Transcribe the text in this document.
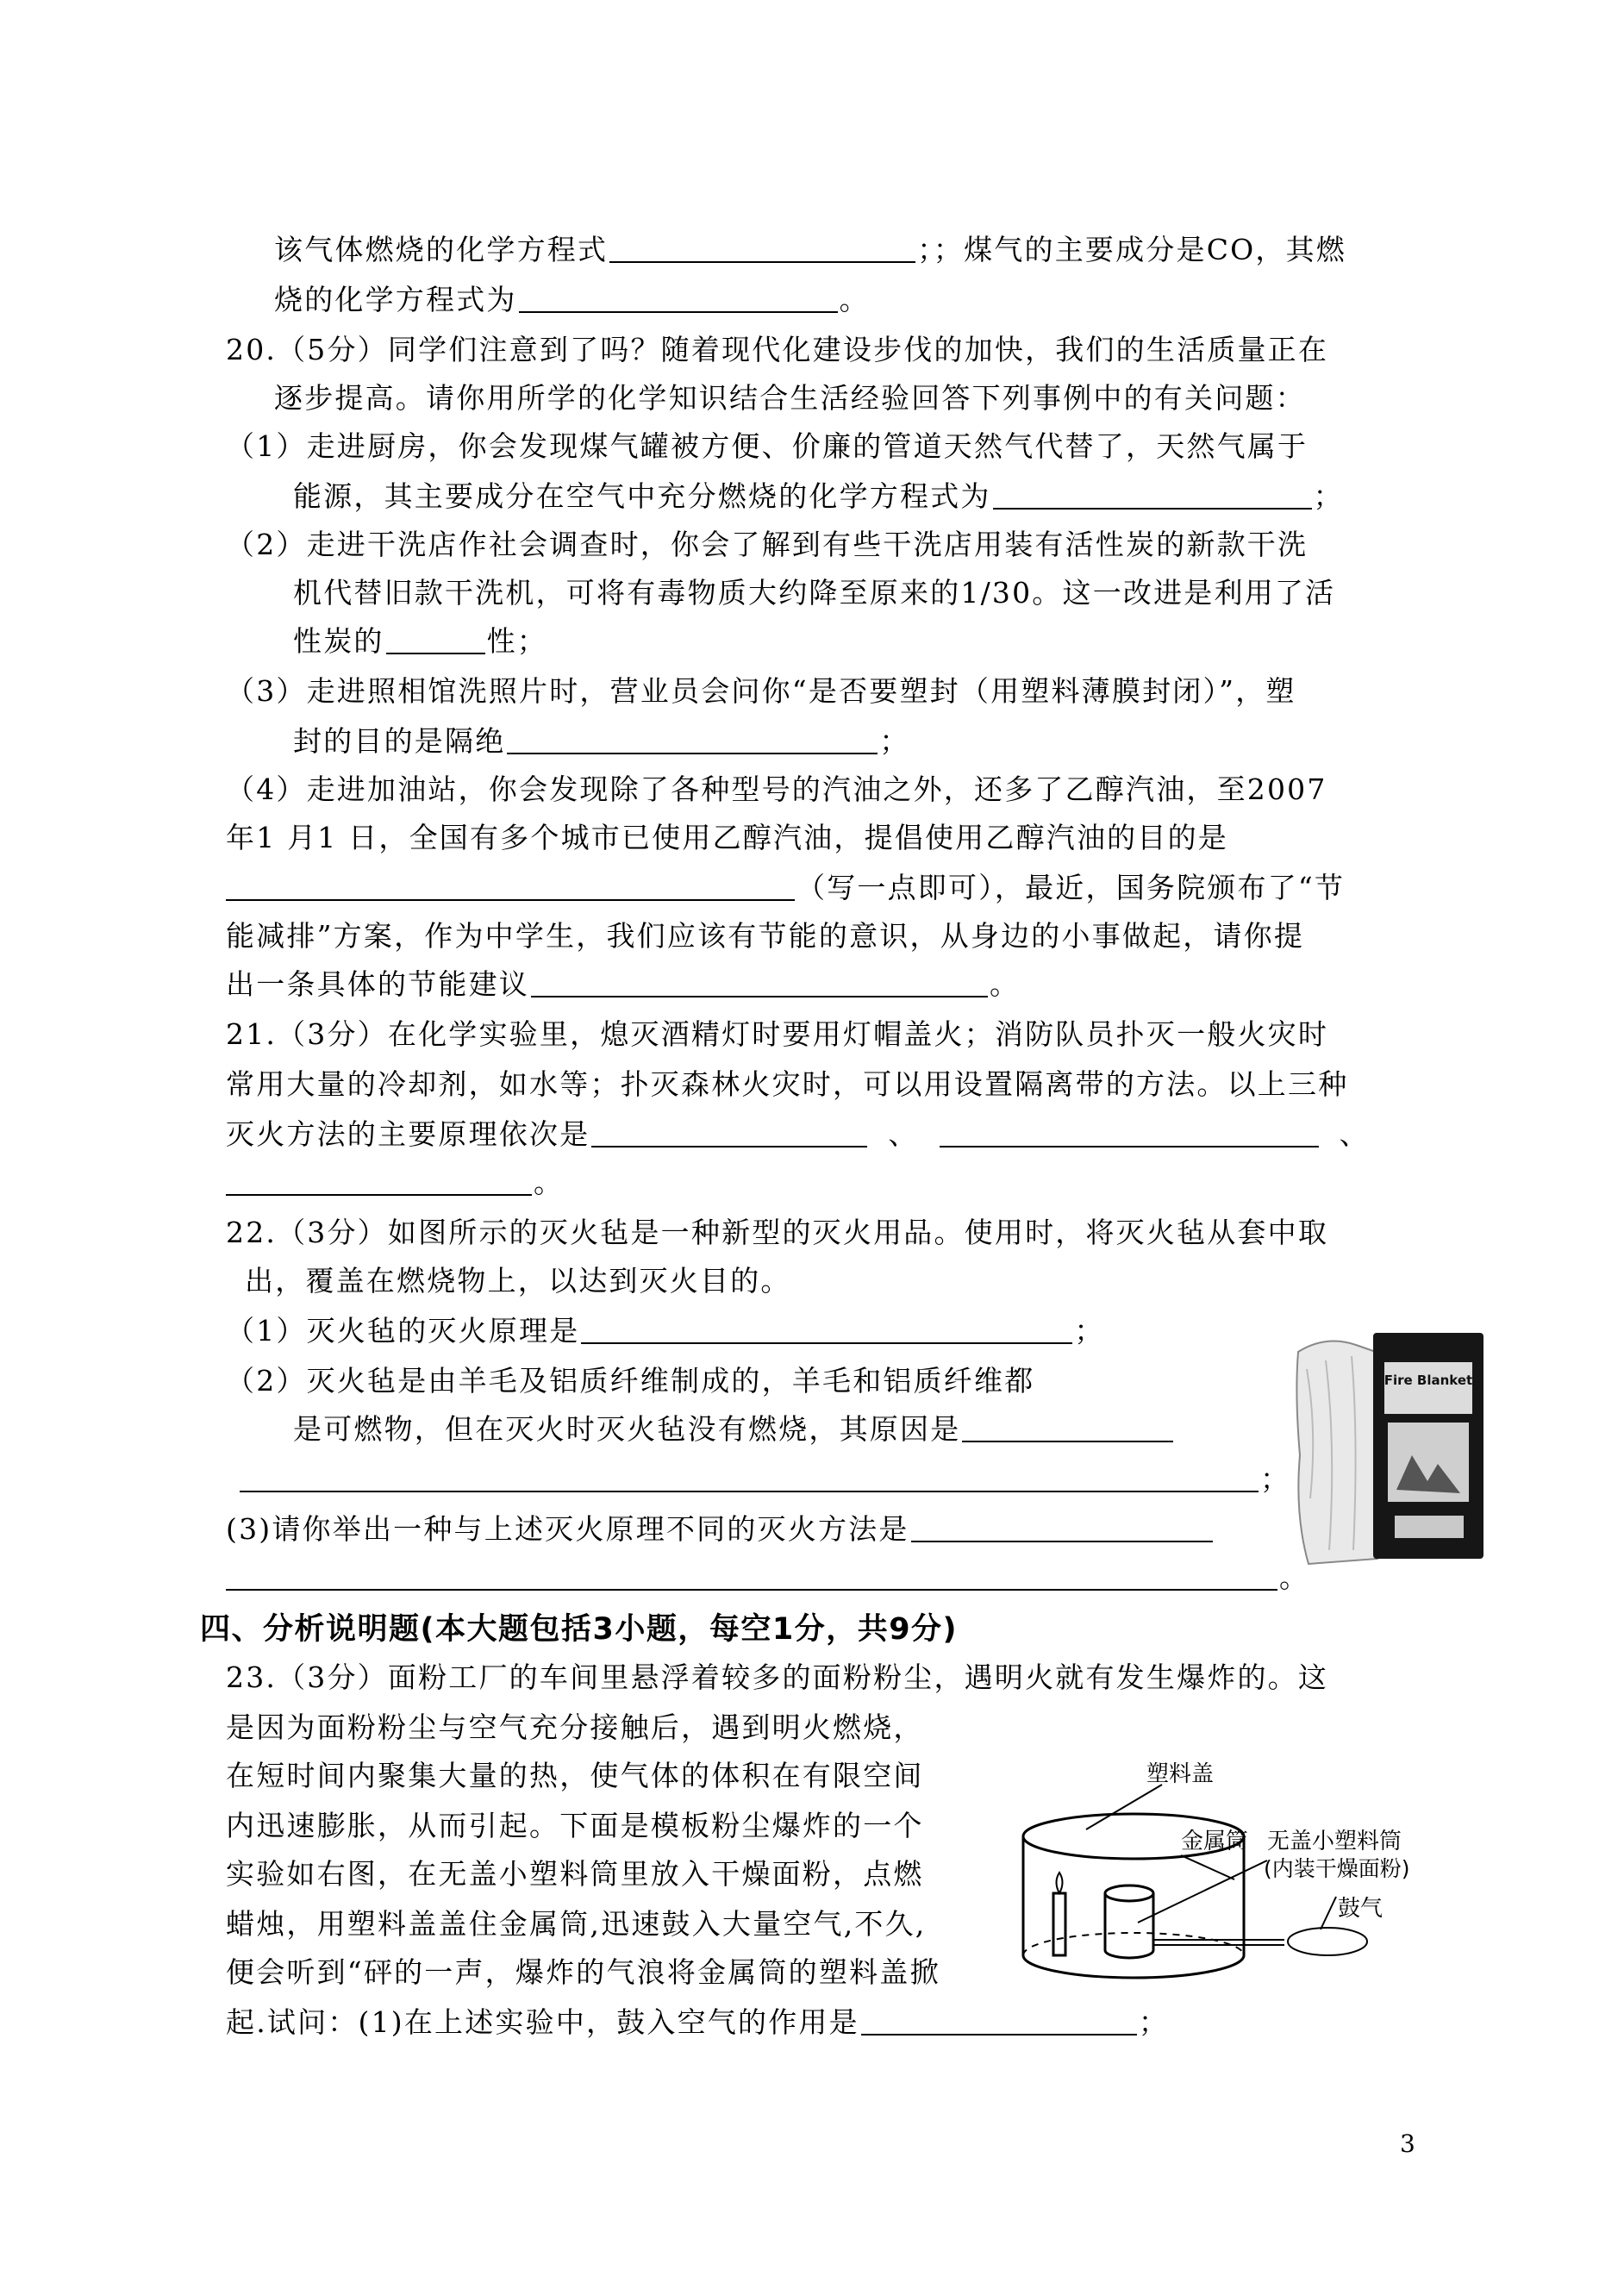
该气体燃烧的化学方程式	；；煤气的主要成分是CO，其燃
烧的化学方程式为	。
20.（5分）同学们注意到了吗？随着现代化建设步伐的加快，我们的生活质量正在
逐步提高。请你用所学的化学知识结合生活经验回答下列事例中的有关问题：
（1）走进厨房，你会发现煤气罐被方便、价廉的管道天然气代替了，天然气属于
能源，其主要成分在空气中充分燃烧的化学方程式为	；
（2）走进干洗店作社会调查时，你会了解到有些干洗店用装有活性炭的新款干洗
机代替旧款干洗机，可将有毒物质大约降至原来的1/30。这一改进是利用了活
性炭的	性；
（3）走进照相馆洗照片时，营业员会问你“是否要塑封（用塑料薄膜封闭）”，塑
封的目的是隔绝	；
（4）走进加油站，你会发现除了各种型号的汽油之外，还多了乙醇汽油，至2007
年1 月1 日，全国有多个城市已使用乙醇汽油，提倡使用乙醇汽油的目的是
（写一点即可），最近，国务院颁布了“节
能减排”方案，作为中学生，我们应该有节能的意识，从身边的小事做起，请你提
出一条具体的节能建议	。
21.（3分）在化学实验里，熄灭酒精灯时要用灯帽盖火；消防队员扑灭一般火灾时
常用大量的冷却剂，如水等；扑灭森林火灾时，可以用设置隔离带的方法。以上三种
灭火方法的主要原理依次是	、	、
。
22.（3分）如图所示的灭火毡是一种新型的灭火用品。使用时，将灭火毡从套中取
出，覆盖在燃烧物上，以达到灭火目的。
（1）灭火毡的灭火原理是	；
（2）灭火毡是由羊毛及铝质纤维制成的，羊毛和铝质纤维都
是可燃物，但在灭火时灭火毡没有燃烧，其原因是
；
(3)请你举出一种与上述灭火原理不同的灭火方法是
。
Fire Blanket
四、分析说明题(本大题包括3小题，每空1分，共9分)
23.（3分）面粉工厂的车间里悬浮着较多的面粉粉尘，遇明火就有发生爆炸的。这
是因为面粉粉尘与空气充分接触后，遇到明火燃烧，
在短时间内聚集大量的热，使气体的体积在有限空间
内迅速膨胀，从而引起。下面是模板粉尘爆炸的一个
实验如右图，在无盖小塑料筒里放入干燥面粉，点燃
蜡烛，用塑料盖盖住金属筒,迅速鼓入大量空气,不久,
便会听到“砰的一声，爆炸的气浪将金属筒的塑料盖掀
起.试问：(1)在上述实验中，鼓入空气的作用是	；
塑料盖
金属筒 无盖小塑料筒
(内装干燥面粉)
鼓气
3
